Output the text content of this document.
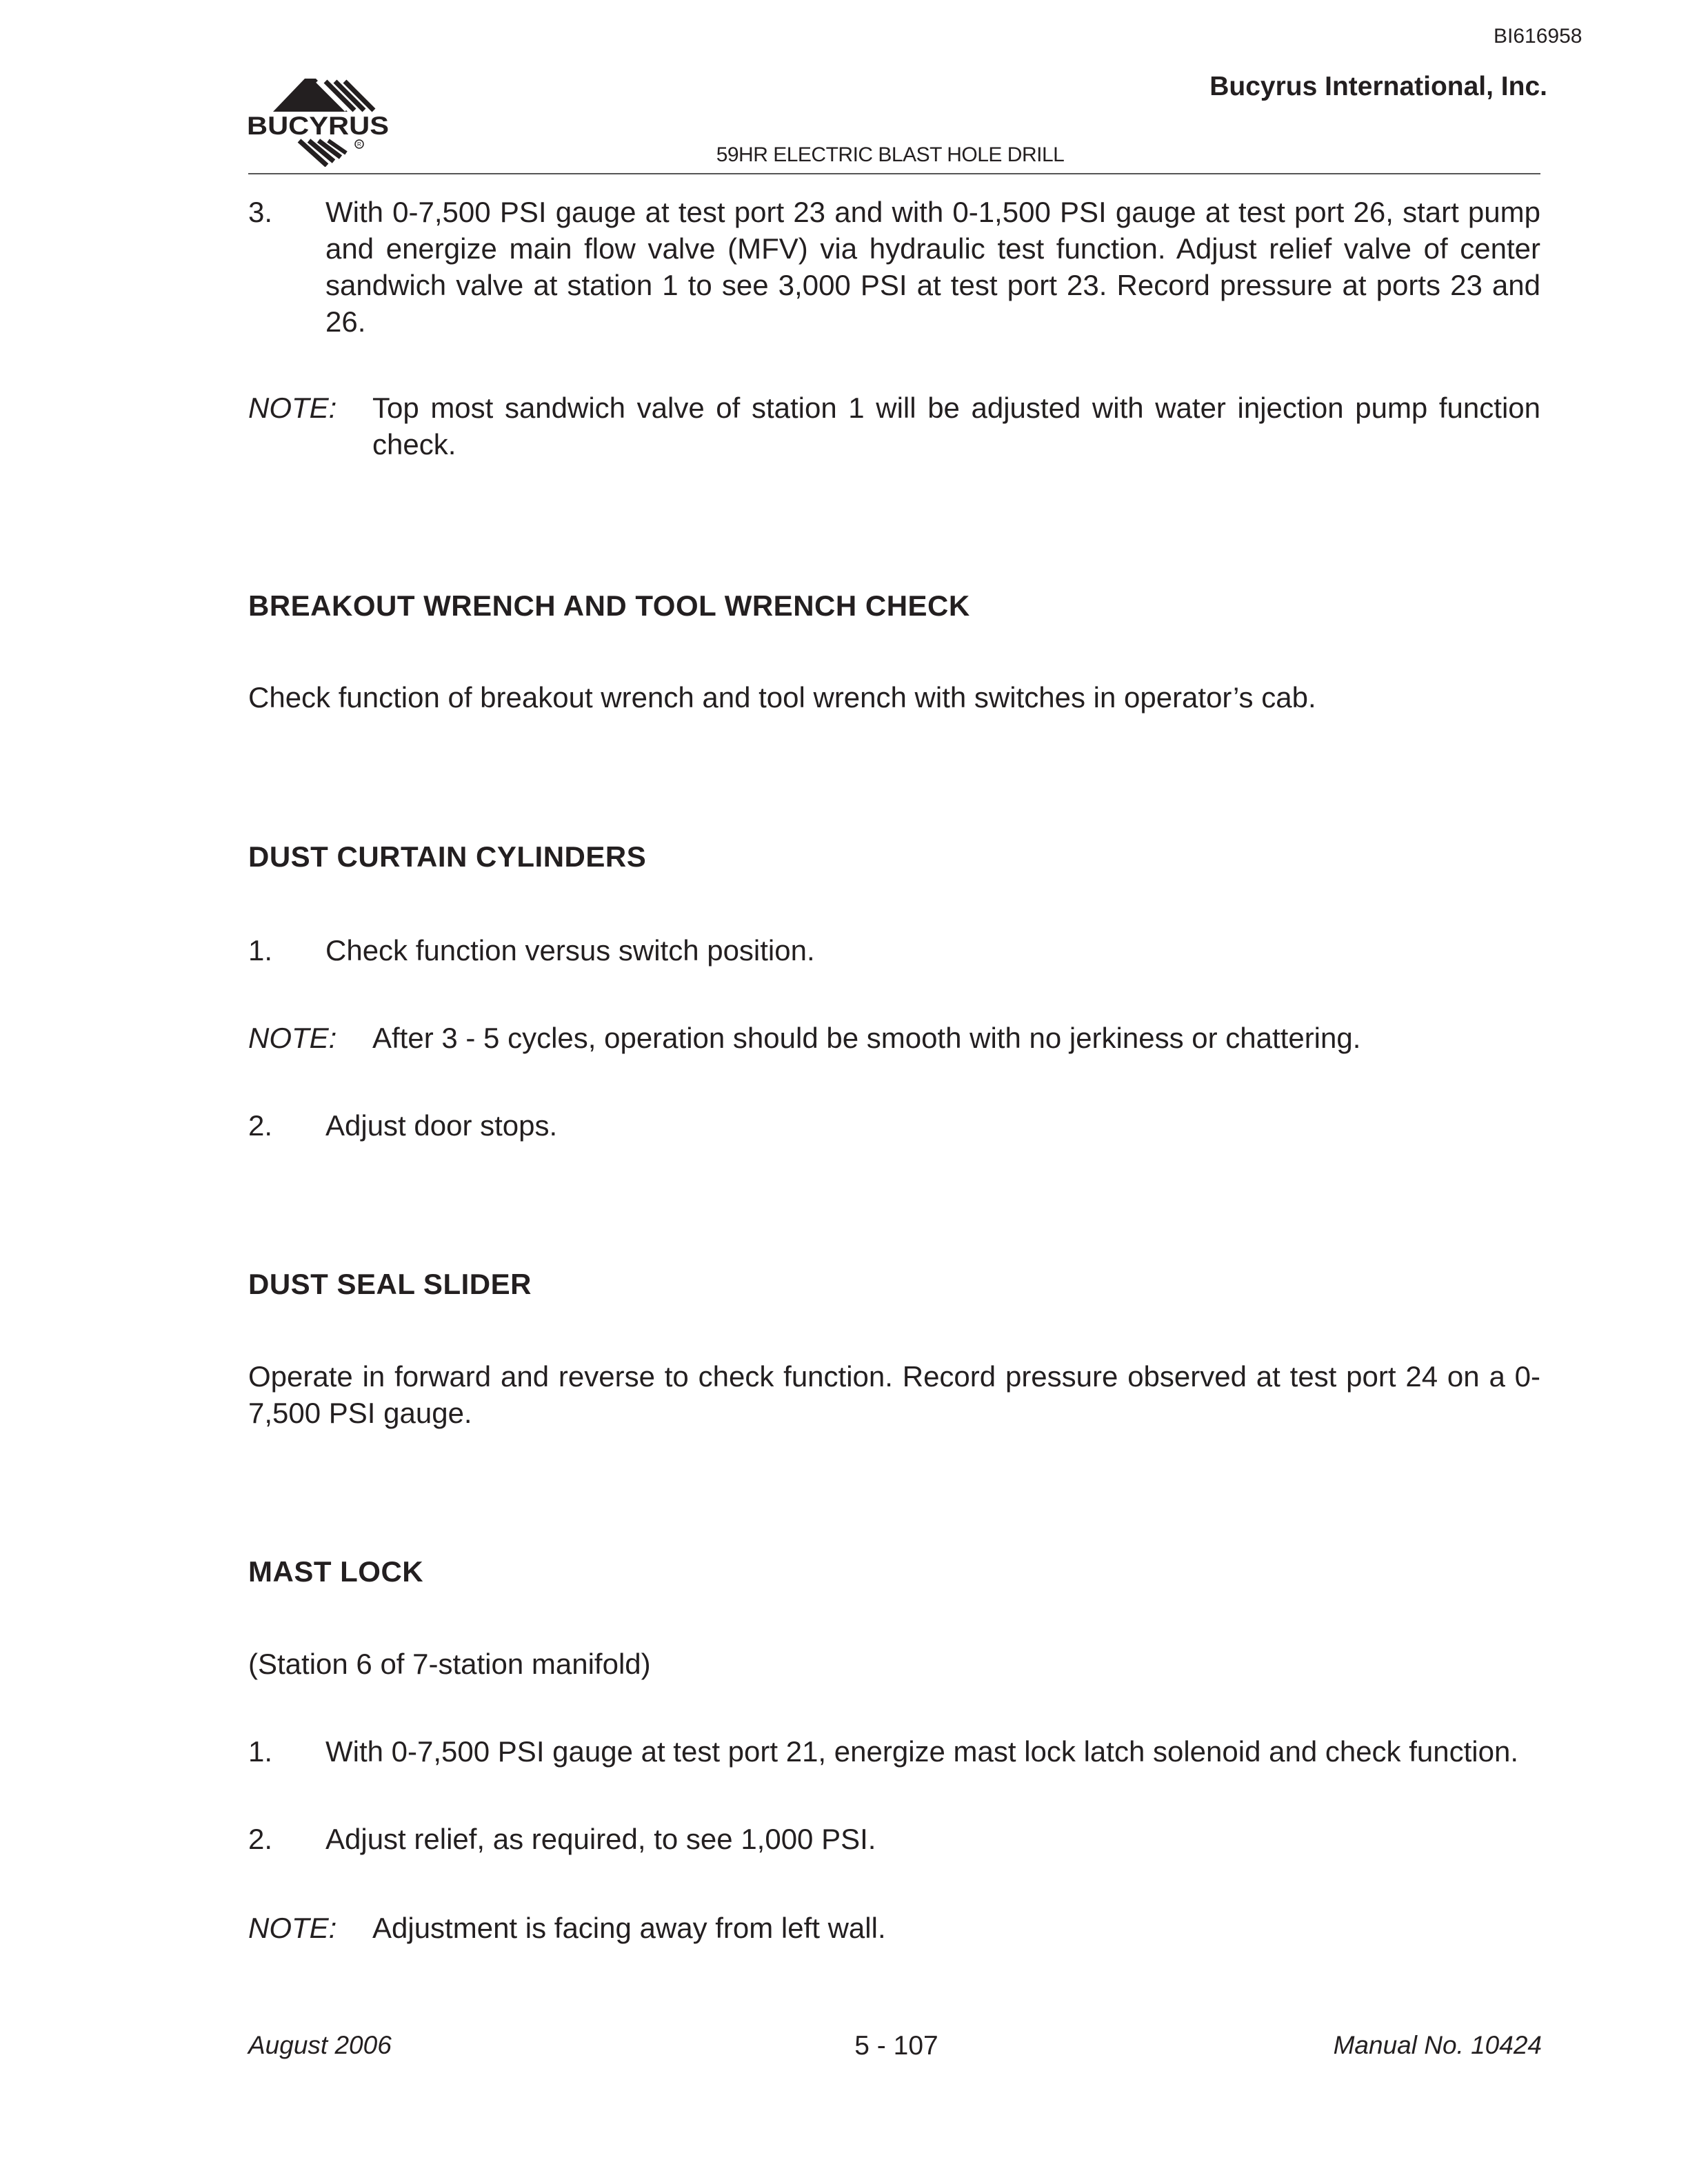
BI616958
Bucyrus International, Inc.
BUCYRUS
R	59HR ELECTRIC BLAST HOLE DRILL
3. With 0-7,500 PSI gauge at test port 23 and with 0-1,500 PSI gauge at test port 26, start pump and energize main flow valve (MFV) via hydraulic test function. Adjust relief valve of center sandwich valve at station 1 to see 3,000 PSI at test port 23. Record pressure at ports 23 and 26.
NOTE: Top most sandwich valve of station 1 will be adjusted with water injection pump function check.
BREAKOUT WRENCH AND TOOL WRENCH CHECK
Check function of breakout wrench and tool wrench with switches in operator’s cab.
DUST CURTAIN CYLINDERS
1. Check function versus switch position.
NOTE: After 3 - 5 cycles, operation should be smooth with no jerkiness or chattering.
2. Adjust door stops.
DUST SEAL SLIDER
Operate in forward and reverse to check function. Record pressure observed at test port 24 on a 0-7,500 PSI gauge.
MAST LOCK
(Station 6 of 7-station manifold)
1. With 0-7,500 PSI gauge at test port 21, energize mast lock latch solenoid and check function.
2. Adjust relief, as required, to see 1,000 PSI.
NOTE: Adjustment is facing away from left wall.
August 2006	5 - 107	Manual No. 10424
